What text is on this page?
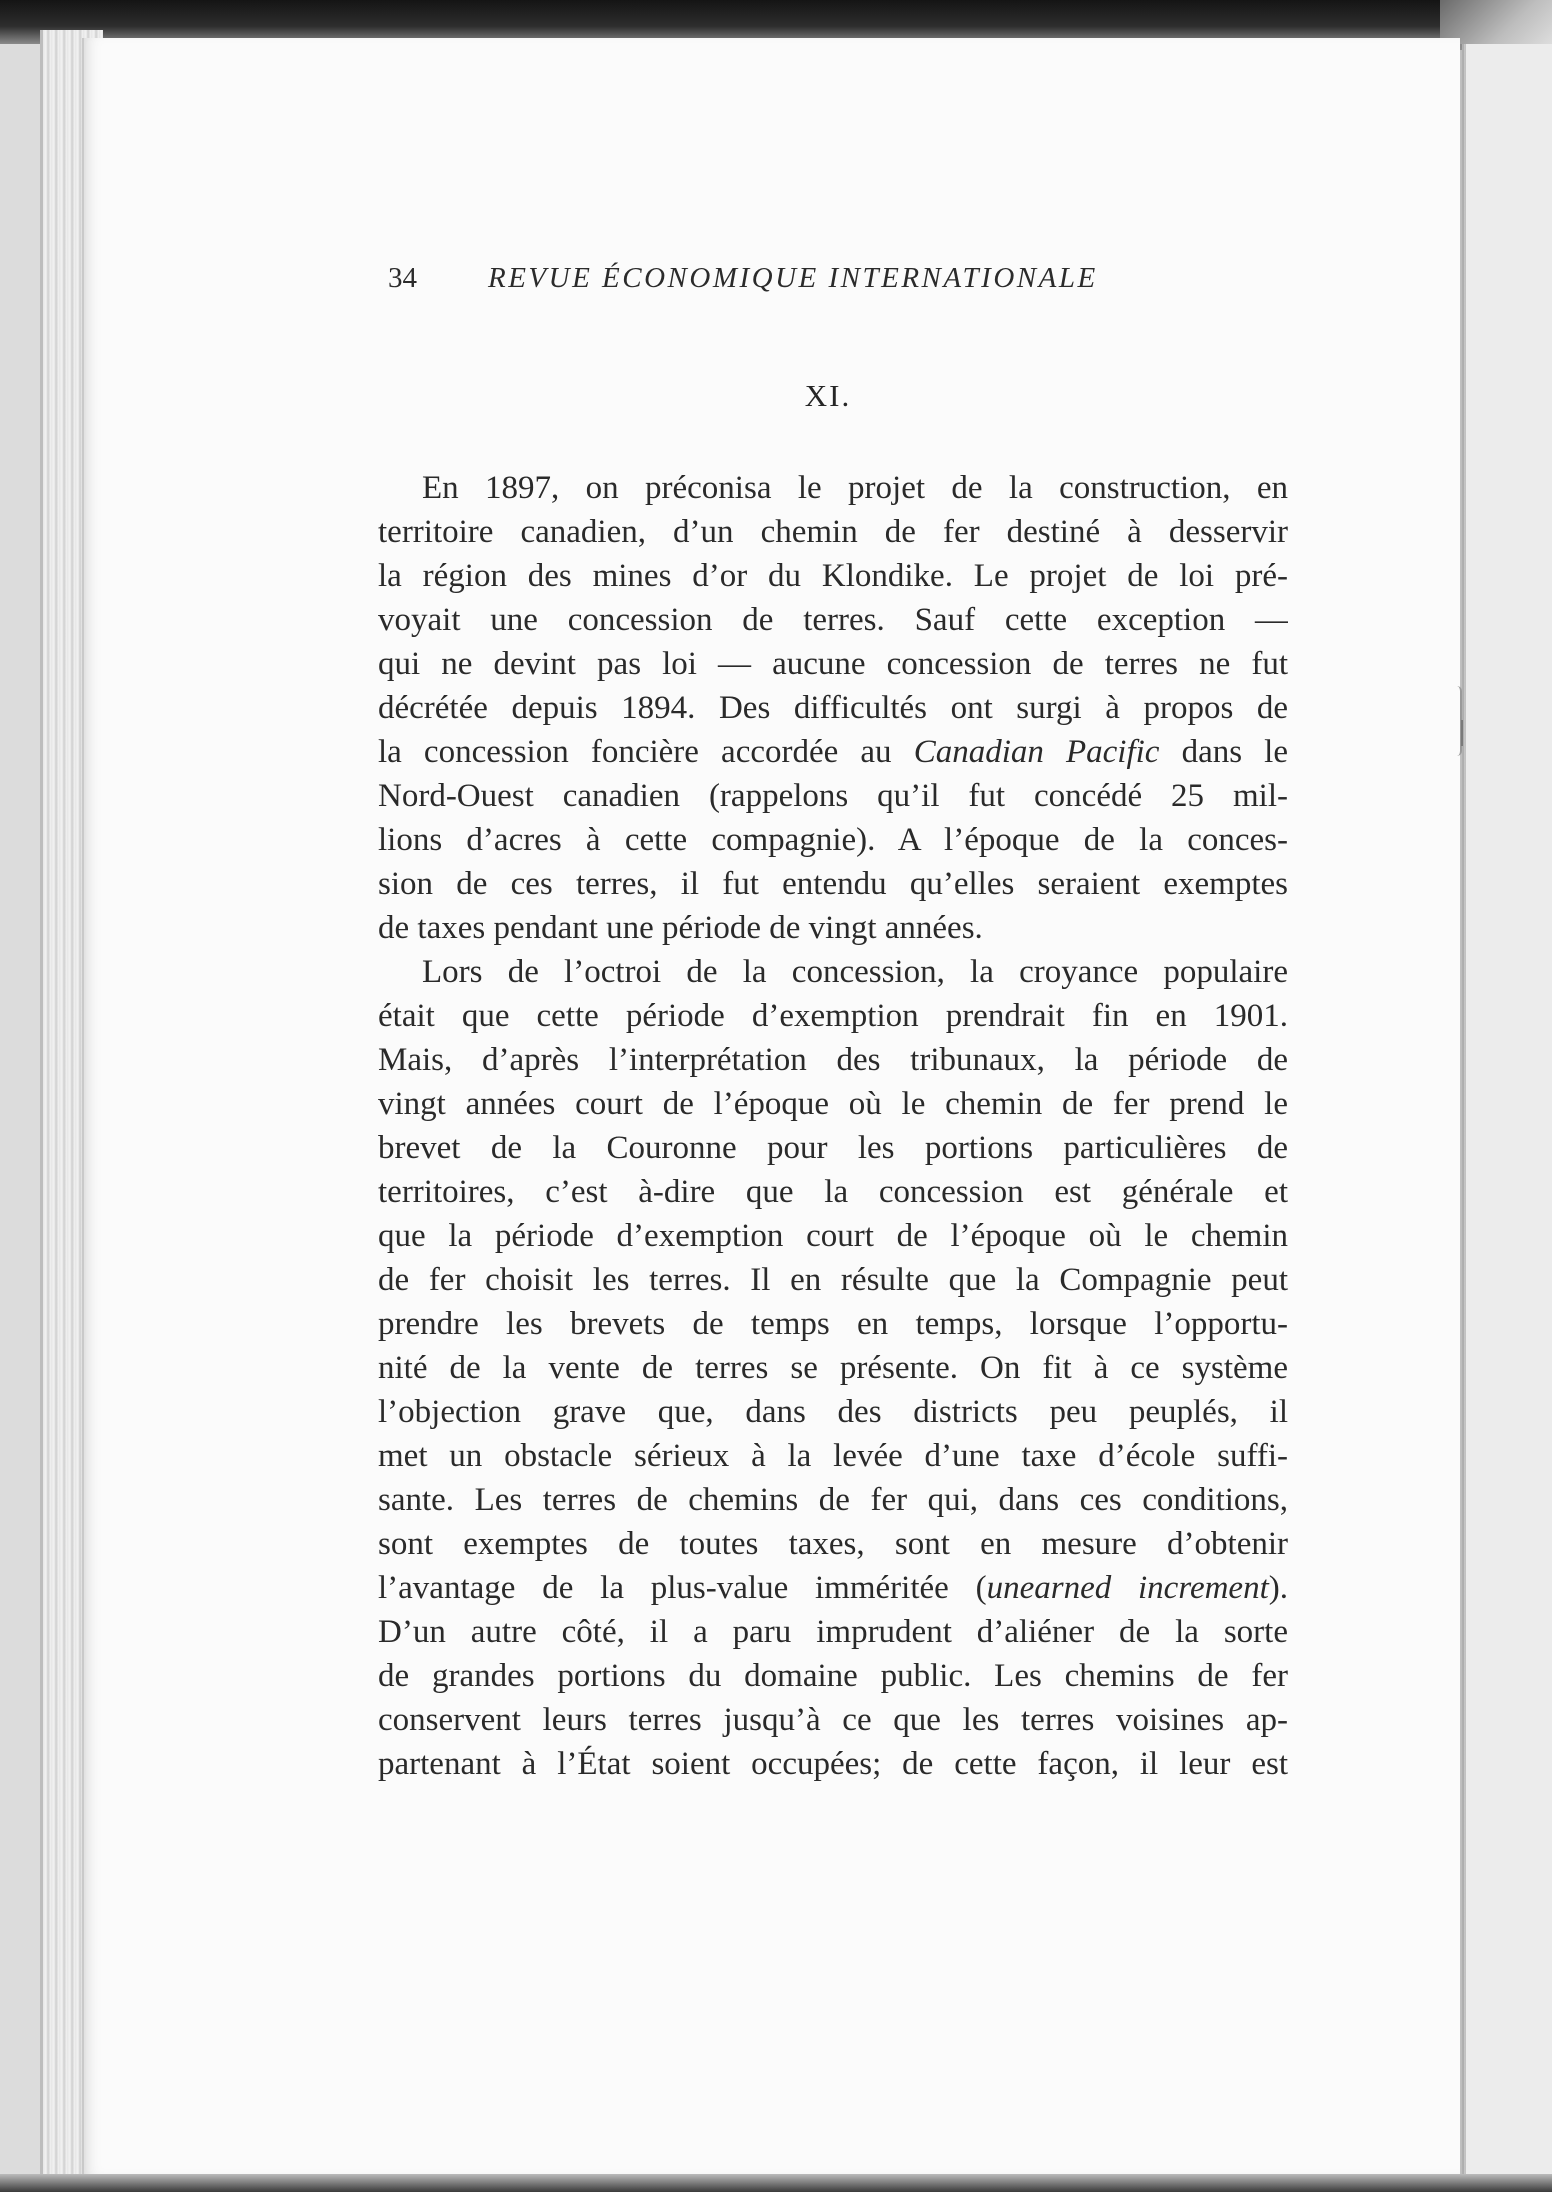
34 REVUE ÉCONOMIQUE INTERNATIONALE
XI.
En 1897, on préconisa le projet de la construction, en
territoire canadien, d’un chemin de fer destiné à desservir
la région des mines d’or du Klondike. Le projet de loi pré-
voyait une concession de terres. Sauf cette exception —
qui ne devint pas loi — aucune concession de terres ne fut
décrétée depuis 1894. Des difficultés ont surgi à propos de
la concession foncière accordée au Canadian Pacific dans le
Nord-Ouest canadien (rappelons qu’il fut concédé 25 mil-
lions d’acres à cette compagnie). A l’époque de la conces-
sion de ces terres, il fut entendu qu’elles seraient exemptes
de taxes pendant une période de vingt années.
Lors de l’octroi de la concession, la croyance populaire
était que cette période d’exemption prendrait fin en 1901.
Mais, d’après l’interprétation des tribunaux, la période de
vingt années court de l’époque où le chemin de fer prend le
brevet de la Couronne pour les portions particulières de
territoires, c’est à-dire que la concession est générale et
que la période d’exemption court de l’époque où le chemin
de fer choisit les terres. Il en résulte que la Compagnie peut
prendre les brevets de temps en temps, lorsque l’opportu-
nité de la vente de terres se présente. On fit à ce système
l’objection grave que, dans des districts peu peuplés, il
met un obstacle sérieux à la levée d’une taxe d’école suffi-
sante. Les terres de chemins de fer qui, dans ces conditions,
sont exemptes de toutes taxes, sont en mesure d’obtenir
l’avantage de la plus-value imméritée (unearned increment).
D’un autre côté, il a paru imprudent d’aliéner de la sorte
de grandes portions du domaine public. Les chemins de fer
conservent leurs terres jusqu’à ce que les terres voisines ap-
partenant à l’État soient occupées; de cette façon, il leur est
